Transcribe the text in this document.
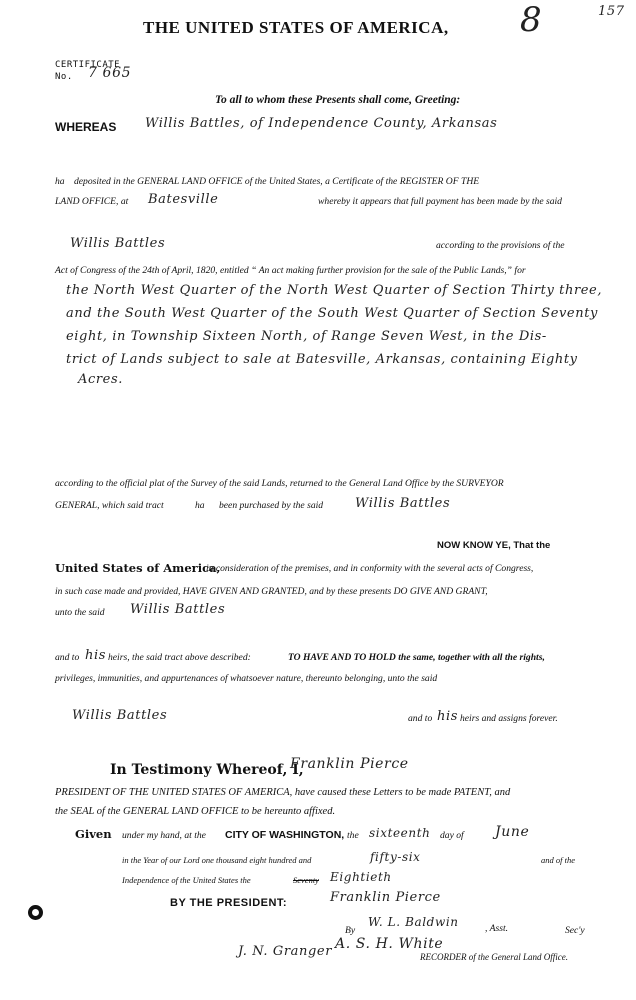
THE UNITED STATES OF AMERICA,
157
8
CERTIFICATE
No. 7 665
To all to whom these Presents shall come, Greeting:
WHEREAS Willis Battles, of Independence County, Arkansas
ha deposited in the GENERAL LAND OFFICE of the United States, a Certificate of the REGISTER OF THE
LAND OFFICE, at Batesville	whereby it appears that full payment has been made by the said
Willis Battles	according to the provisions of the
Act of Congress of the 24th of April, 1820, entitled “ An act making further provision for the sale of the Public Lands,” for
the North West Quarter of the North West Quarter of Section Thirty three,
and the South West Quarter of the South West Quarter of Section Seventy
eight, in Township Sixteen North, of Range Seven West, in the Dis-
trict of Lands subject to sale at Batesville, Arkansas, containing Eighty
Acres.
according to the official plat of the Survey of the said Lands, returned to the General Land Office by the SURVEYOR
GENERAL, which said tract	ha been purchased by the said Willis Battles
NOW KNOW YE, That the
United States of America,
in consideration of the premises, and in conformity with the several acts of Congress,
in such case made and provided, HAVE GIVEN AND GRANTED, and by these presents DO GIVE AND GRANT,
unto the said Willis Battles
and to his heirs, the said tract above described:	TO HAVE AND TO HOLD the same, together with all the rights,
privileges, immunities, and appurtenances of whatsoever nature, thereunto belonging, unto the said
Willis Battles	and to his heirs and assigns forever.
In Testimony Whereof, I,
Franklin Pierce
PRESIDENT OF THE UNITED STATES OF AMERICA, have caused these Letters to be made PATENT, and
the SEAL of the GENERAL LAND OFFICE to be hereunto affixed.
Given under my hand, at the CITY OF WASHINGTON, the sixteenth day of June
in the Year of our Lord one thousand eight hundred and	fifty-six	and of the
Independence of the United States the	Seventy Eightieth
BY THE PRESIDENT:	Franklin Pierce
By
W. L. Baldwin	, Asst.	Sec'y
A. S. H. White
J. N. Granger	RECORDER of the General Land Office.
